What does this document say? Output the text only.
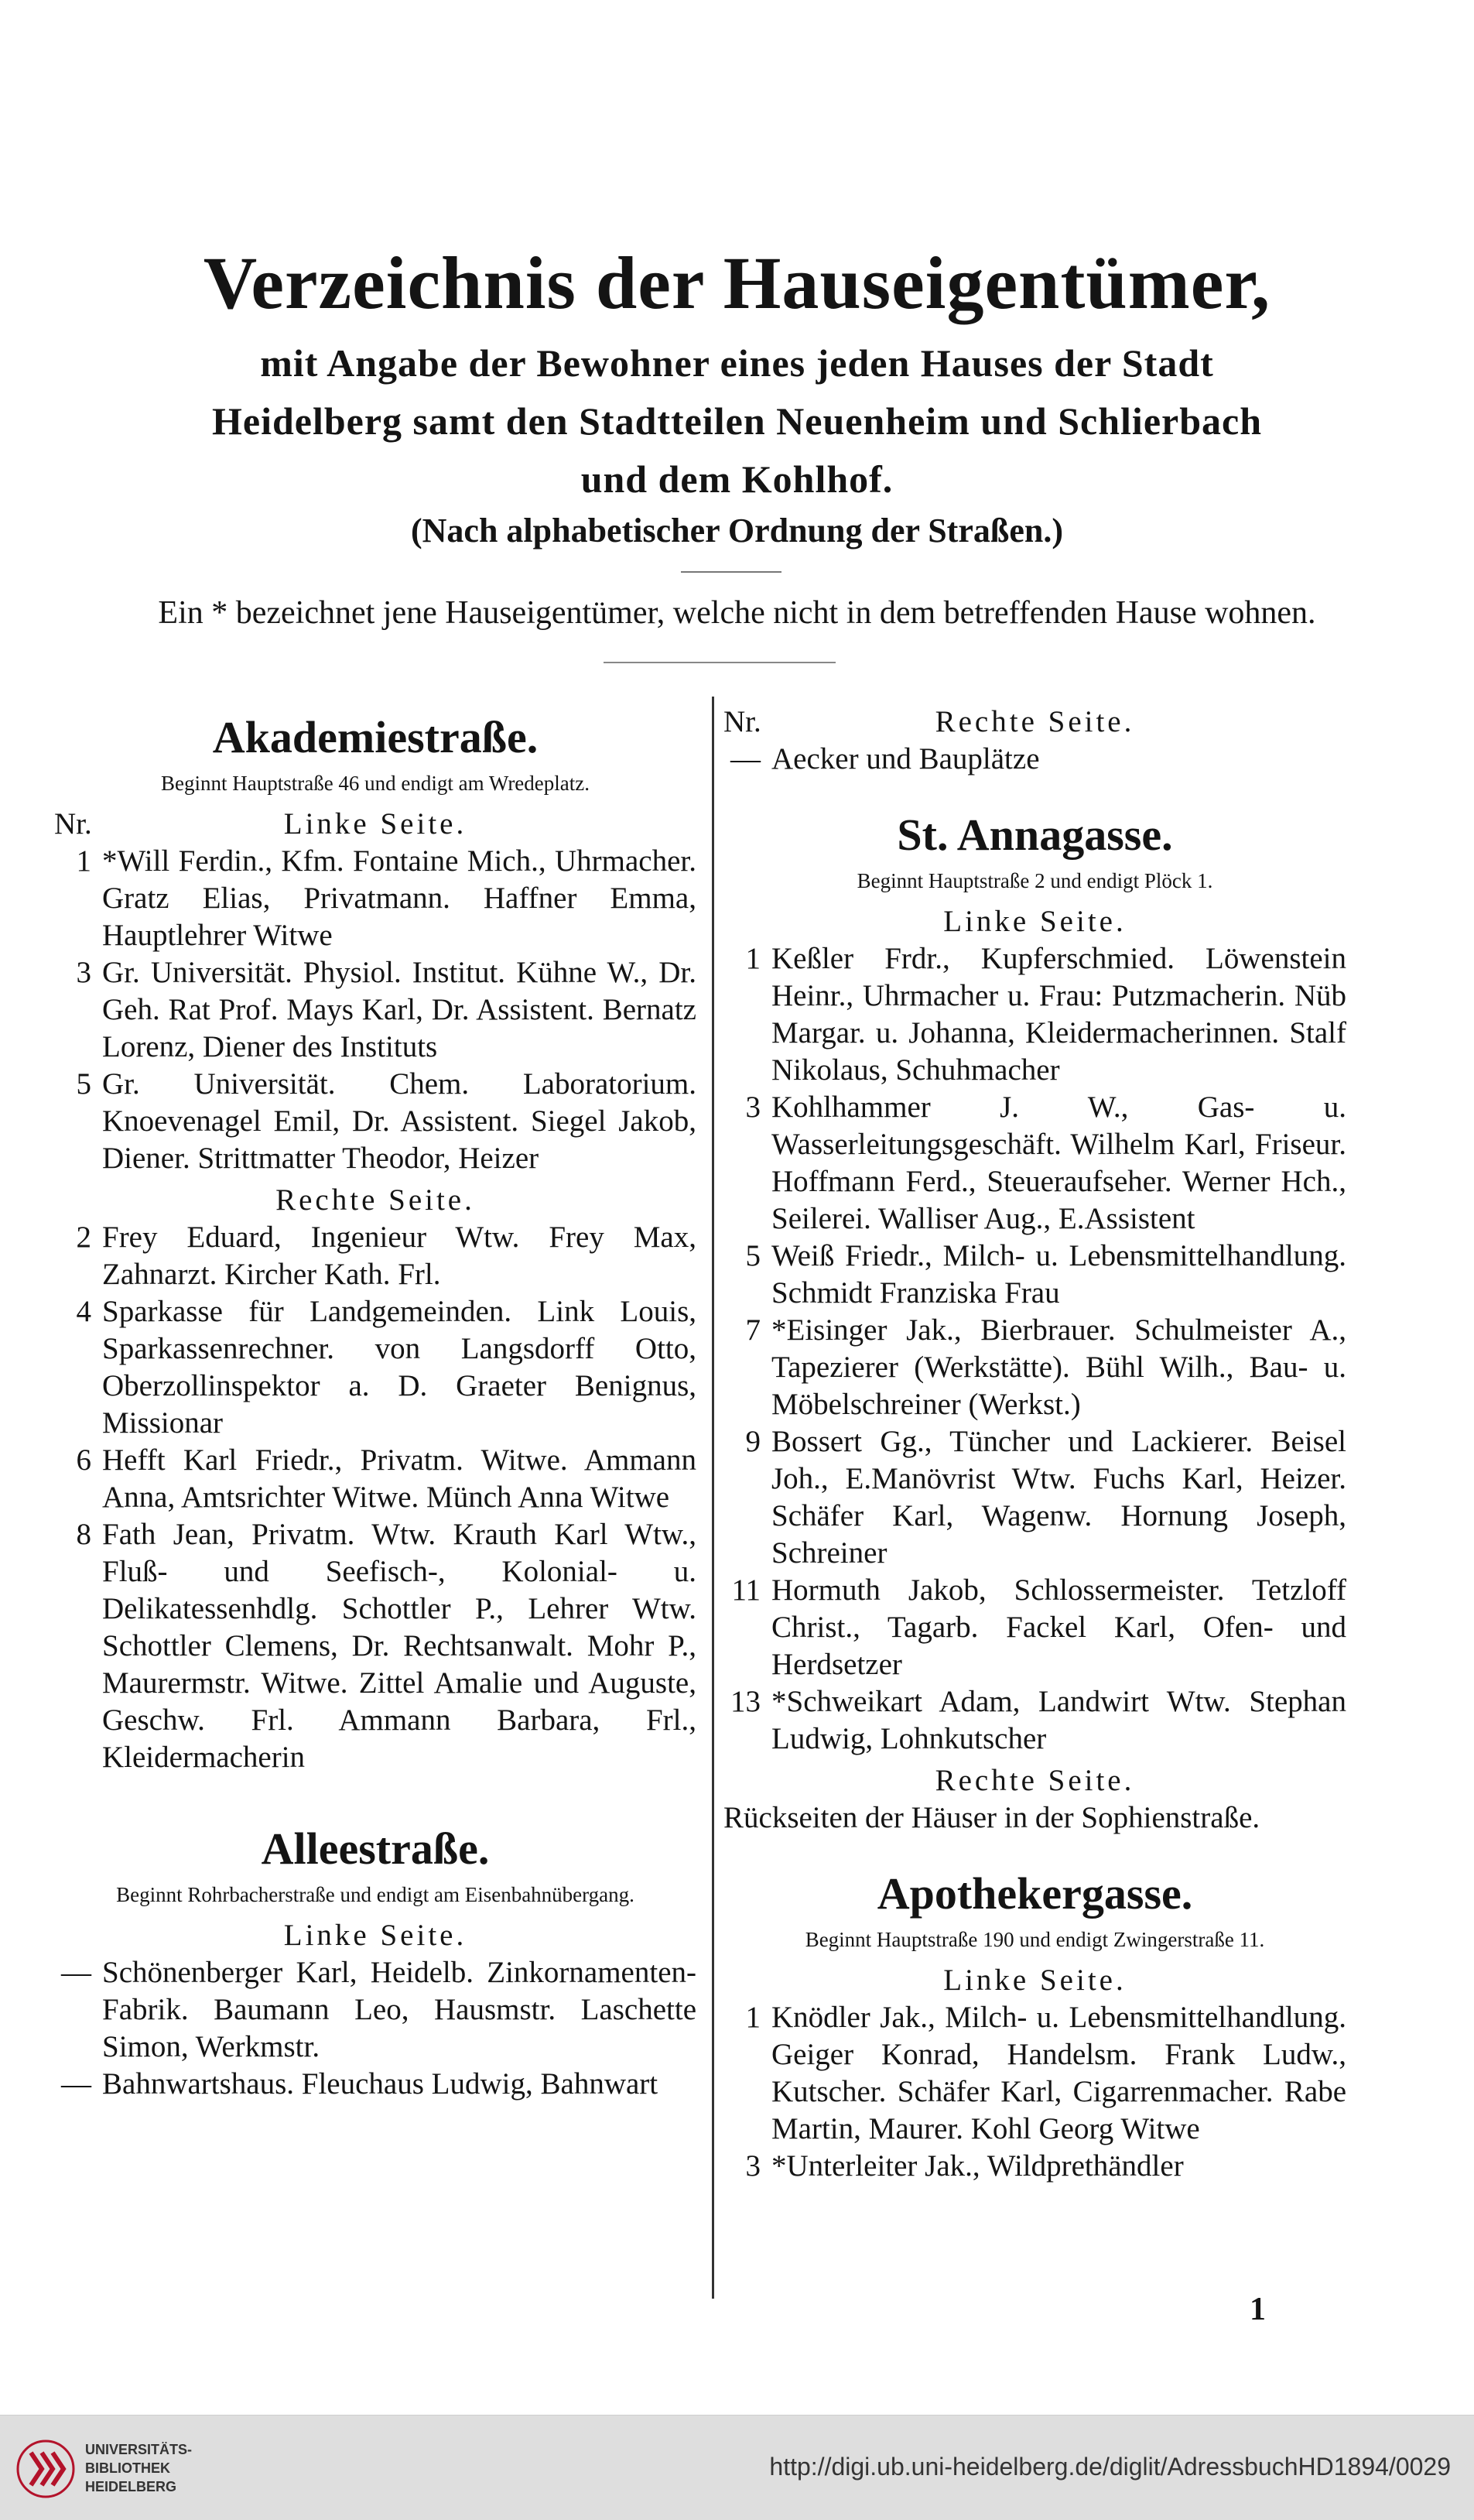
Verzeichnis der Hauseigentümer,
mit Angabe der Bewohner eines jeden Hauses der Stadt
Heidelberg samt den Stadtteilen Neuenheim und Schlierbach
und dem Kohlhof.
(Nach alphabetischer Ordnung der Straßen.)
Ein * bezeichnet jene Hauseigentümer, welche nicht in dem betreffenden Hause wohnen.
Akademiestraße.
Beginnt Hauptstraße 46 und endigt am Wredeplatz.
Nr.	Linke Seite.
1 *Will Ferdin., Kfm. Fontaine Mich., Uhrmacher. Gratz Elias, Privatmann. Haffner Emma, Hauptlehrer Witwe
3 Gr. Universität. Physiol. Institut. Kühne W., Dr. Geh. Rat Prof. Mays Karl, Dr. Assistent. Bernatz Lorenz, Diener des Instituts
5 Gr. Universität. Chem. Laboratorium. Knoevenagel Emil, Dr. Assistent. Siegel Jakob, Diener. Strittmatter Theodor, Heizer
Rechte Seite.
2 Frey Eduard, Ingenieur Wtw. Frey Max, Zahnarzt. Kircher Kath. Frl.
4 Sparkasse für Landgemeinden. Link Louis, Sparkassenrechner. von Langsdorff Otto, Oberzollinspektor a. D. Graeter Benignus, Missionar
6 Hefft Karl Friedr., Privatm. Witwe. Ammann Anna, Amtsrichter Witwe. Münch Anna Witwe
8 Fath Jean, Privatm. Wtw. Krauth Karl Wtw., Fluß- und Seefisch-, Kolonial- u. Delikatessenhdlg. Schottler P., Lehrer Wtw. Schottler Clemens, Dr. Rechtsanwalt. Mohr P., Maurermstr. Witwe. Zittel Amalie und Auguste, Geschw. Frl. Ammann Barbara, Frl., Kleidermacherin
Alleestraße.
Beginnt Rohrbacherstraße und endigt am Eisenbahnübergang.
Linke Seite.
— Schönenberger Karl, Heidelb. Zinkornamenten-Fabrik. Baumann Leo, Hausmstr. Laschette Simon, Werkmstr.
— Bahnwartshaus. Fleuchaus Ludwig, Bahnwart
Nr.	Rechte Seite.
— Aecker und Bauplätze
St. Annagasse.
Beginnt Hauptstraße 2 und endigt Plöck 1.
Linke Seite.
1 Keßler Frdr., Kupferschmied. Löwenstein Heinr., Uhrmacher u. Frau: Putzmacherin. Nüb Margar. u. Johanna, Kleidermacherinnen. Stalf Nikolaus, Schuhmacher
3 Kohlhammer J. W., Gas- u. Wasserleitungsgeschäft. Wilhelm Karl, Friseur. Hoffmann Ferd., Steueraufseher. Werner Hch., Seilerei. Walliser Aug., E.Assistent
5 Weiß Friedr., Milch- u. Lebensmittelhandlung. Schmidt Franziska Frau
7 *Eisinger Jak., Bierbrauer. Schulmeister A., Tapezierer (Werkstätte). Bühl Wilh., Bau- u. Möbelschreiner (Werkst.)
9 Bossert Gg., Tüncher und Lackierer. Beisel Joh., E.Manövrist Wtw. Fuchs Karl, Heizer. Schäfer Karl, Wagenw. Hornung Joseph, Schreiner
11 Hormuth Jakob, Schlossermeister. Tetzloff Christ., Tagarb. Fackel Karl, Ofen- und Herdsetzer
13 *Schweikart Adam, Landwirt Wtw. Stephan Ludwig, Lohnkutscher
Rechte Seite.
Rückseiten der Häuser in der Sophienstraße.
Apothekergasse.
Beginnt Hauptstraße 190 und endigt Zwingerstraße 11.
Linke Seite.
1 Knödler Jak., Milch- u. Lebensmittelhandlung. Geiger Konrad, Handelsm. Frank Ludw., Kutscher. Schäfer Karl, Cigarrenmacher. Rabe Martin, Maurer. Kohl Georg Witwe
3 *Unterleiter Jak., Wildprethändler
1
UNIVERSITÄTS-
BIBLIOTHEK
HEIDELBERG
http://digi.ub.uni-heidelberg.de/diglit/AdressbuchHD1894/0029
